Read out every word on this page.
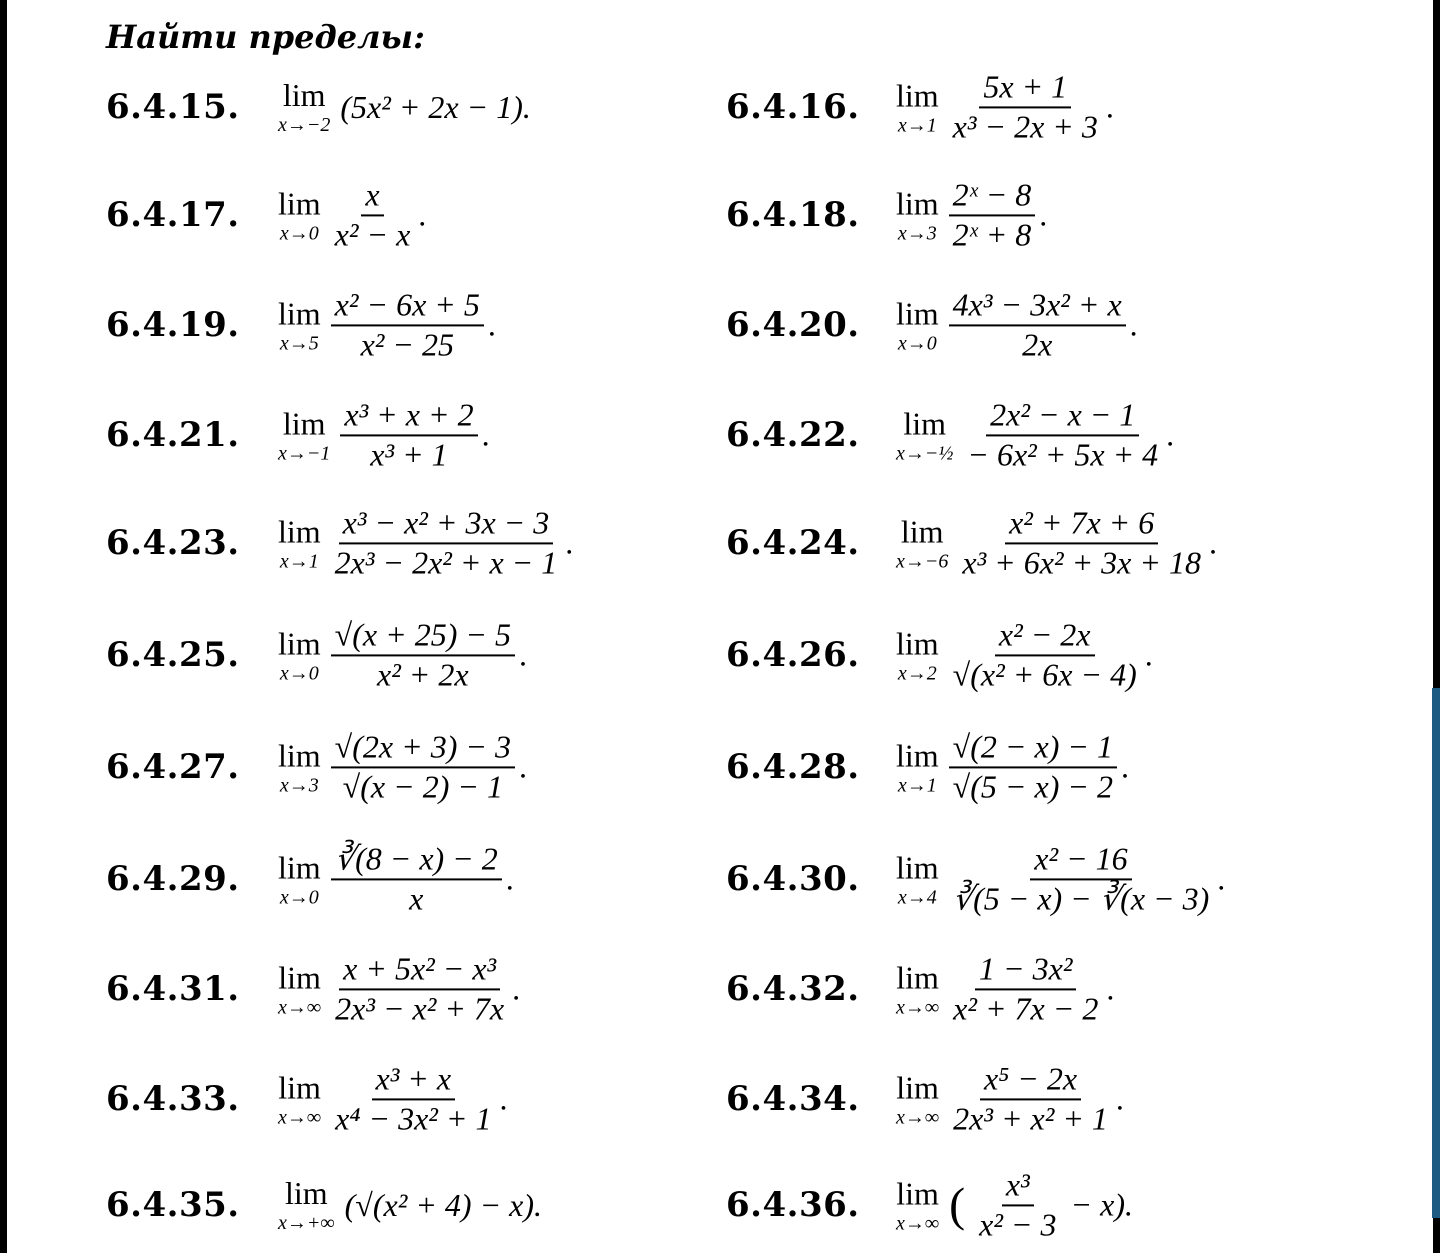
Найти пределы:
6.4.15. lim
x→−2
(5x² + 2x − 1).	6.4.16. lim
$x\to 1 \frac{5x + 1}{\text{x³ − 2x + 3}}$ .
6.4.17. lim
$x\to 0 \frac{x}{\text{x² − x}}$ .	6.4.18. lim
$x\to 3 \frac{\text{2ˣ − 8}}{\text{2ˣ + 8}}$ .
6.4.19. lim
$x\to 5 \frac{\text{x² − 6x + 5}}{\text{x² − 25}}$ .	6.4.20. lim
$x\to 0 \frac{\text{4x³ − 3x² + x}}{2x}$ .
6.4.21. lim
$x\to-1 \frac{\text{x³ + x + 2}}{\text{x³ + 1}}$ .	6.4.22. lim
x→−½ $\frac{\text{2x² − x − 1}}{\text{− 6x² + 5x + 4}}$ .
6.4.23. lim
$x\to 1 \frac{\text{x³ − x² + 3x − 3}}{\text{2x³ − 2x² + x − 1}}$ .	6.4.24. lim
$x\to-6 \frac{\text{x² + 7x + 6}}{\text{x³ + 6x² + 3x + 18}}$ .
6.4.25. lim
$x\to 0 \frac{√(x + 25) - 5}{\text{x² + 2x}}$ .	6.4.26. lim
$x\to 2 \frac{\text{x² − 2x}}{\text{√(x² + 6x − 4)}}$ .
6.4.27. lim
$x\to 3 \frac{√(2x + 3) - 3}{√(x - 2) - 1}$ .	6.4.28. lim
$x\to 1 \frac{√(2 - x) - 1}{√(5 - x) - 2}$ .
6.4.29. lim
$x\to 0 \frac{∛(8 - x) - 2}{x}$ .	6.4.30. lim
$x\to 4 \frac{\text{x² − 16}}{∛(5 - x) - ∛(x - 3)}$ .
6.4.31. lim
$x\to\infty \frac{\text{x + 5x² − x³}}{\text{2x³ − x² + 7x}}$ .	6.4.32. lim
$x\to\infty \frac{\text{1 − 3x²}}{\text{x² + 7x − 2}}$ .
6.4.33. lim
$x\to\infty \frac{\text{x³ + x}}{\text{x⁴ − 3x² + 1}}$ .	6.4.34. lim
$x\to\infty \frac{\text{x⁵ − 2x}}{\text{2x³ + x² + 1}}$ .
6.4.35. lim
x→+∞
(√(x² + 4) − x).	6.4.36. lim
x→∞ ( $\frac{\text{x³}}{\text{x² − 3}} - x$).
